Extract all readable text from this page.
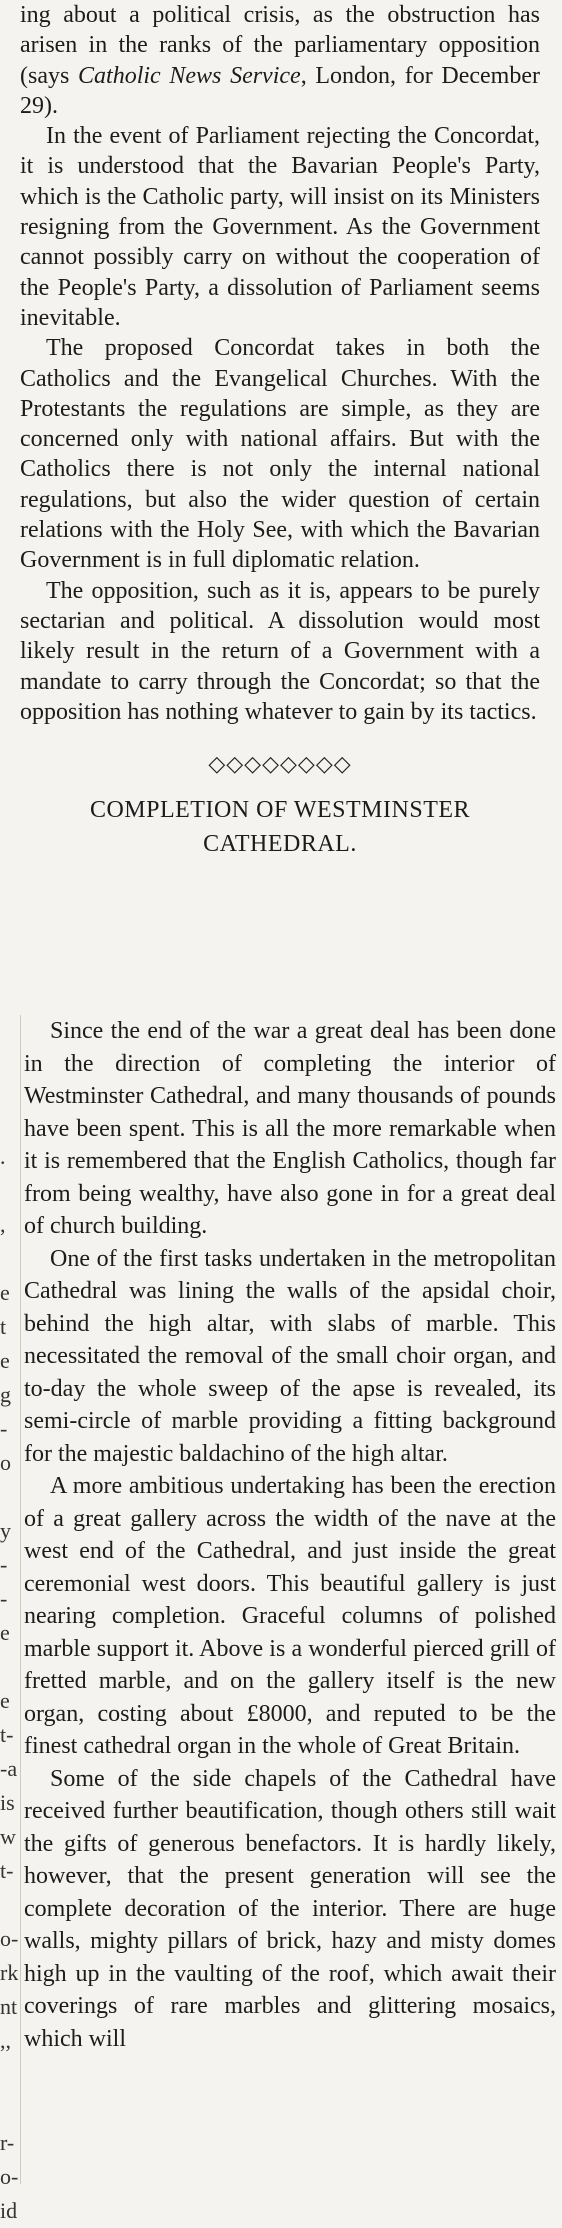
ing about a political crisis, as the obstruction has arisen in the ranks of the parliamentary opposition (says Catholic News Service, London, for December 29).

In the event of Parliament rejecting the Concordat, it is understood that the Bavarian People's Party, which is the Catholic party, will insist on its Ministers resigning from the Government. As the Government cannot possibly carry on without the cooperation of the People's Party, a dissolution of Parliament seems inevitable.

The proposed Concordat takes in both the Catholics and the Evangelical Churches. With the Protestants the regulations are simple, as they are concerned only with national affairs. But with the Catholics there is not only the internal national regulations, but also the wider question of certain relations with the Holy See, with which the Bavarian Government is in full diplomatic relation.

The opposition, such as it is, appears to be purely sectarian and political. A dissolution would most likely result in the return of a Government with a mandate to carry through the Concordat; so that the opposition has nothing whatever to gain by its tactics.

◇◇◇◇◇◇◇◇
COMPLETION OF WESTMINSTER
CATHEDRAL.

Since the end of the war a great deal has been done in the direction of completing the interior of Westminster Cathedral, and many thousands of pounds have been spent. This is all the more remarkable when it is remembered that the English Catholics, though far from being wealthy, have also gone in for a great deal of church building.

One of the first tasks undertaken in the metropolitan Cathedral was lining the walls of the apsidal choir, behind the high altar, with slabs of marble. This necessitated the removal of the small choir organ, and to-day the whole sweep of the apse is revealed, its semi-circle of marble providing a fitting background for the majestic baldachino of the high altar.

A more ambitious undertaking has been the erection of a great gallery across the width of the nave at the west end of the Cathedral, and just inside the great ceremonial west doors. This beautiful gallery is just nearing completion. Graceful columns of polished marble support it. Above is a wonderful pierced grill of fretted marble, and on the gallery itself is the new organ, costing about £8000, and reputed to be the finest cathedral organ in the whole of Great Britain.

Some of the side chapels of the Cathedral have received further beautification, though others still wait the gifts of generous benefactors. It is hardly likely, however, that the present generation will see the complete decoration of the interior. There are huge walls, mighty pillars of brick, hazy and misty domes high up in the vaulting of the roof, which await their coverings of rare marbles and glittering mosaics, which will

.
,
e
t
e
g
-
o
y
-
-
e
e
t-
-a
is
w
t-
o-
rk
nt
,,
r-
o-
id
